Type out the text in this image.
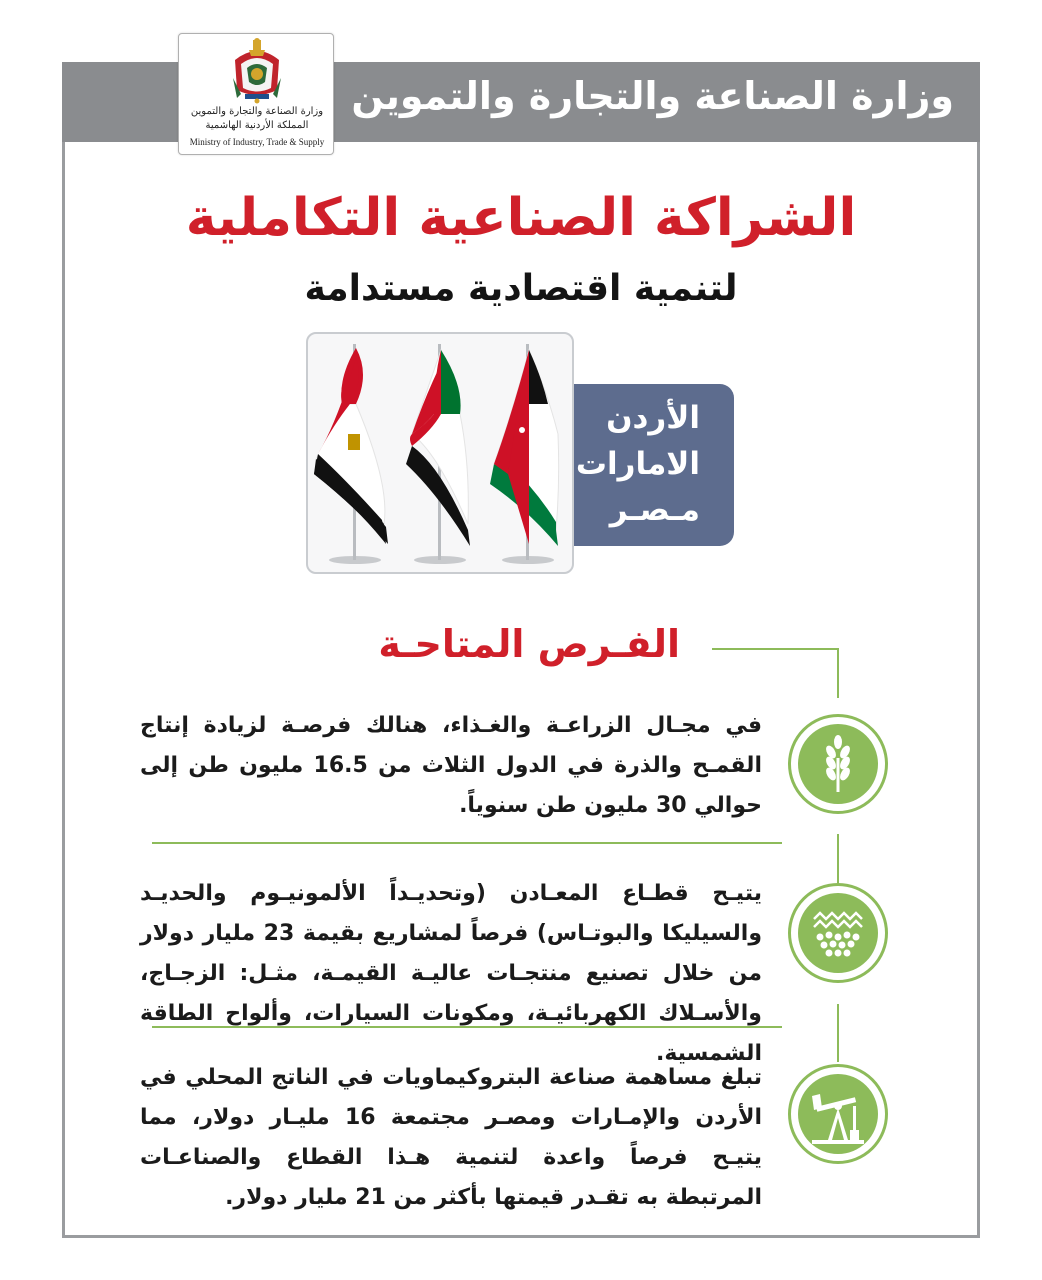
وزارة الصناعة والتجارة والتموين
وزارة الصناعة والتجارة والتموين
المملكة الأردنية الهاشمية
Ministry of Industry, Trade & Supply
الشراكة الصناعية التكاملية
لتنمية اقتصادية مستدامة
الأردن
الامارات
مـصـر
الفـرص المتاحـة
في مجـال الزراعـة والغـذاء، هنالك فرصـة لزيادة إنتاج القمـح والذرة في الدول الثلاث من 16.5 مليون طن إلى حوالي 30 مليون طن سنوياً.
يتيـح قطـاع المعـادن (وتحديـداً الألمونيـوم والحديـد والسيليكا والبوتـاس) فرصاً لمشاريع بقيمة 23 مليار دولار من خلال تصنيع منتجـات عاليـة القيمـة، مثـل: الزجـاج، والأسـلاك الكهربائيـة، ومكونات السيارات، وألواح الطاقة الشمسية.
تبلغ مساهمة صناعة البتروكيماويات في الناتج المحلي في الأردن والإمـارات ومصـر مجتمعة 16 مليـار دولار، مما يتيـح فرصاً واعدة لتنمية هـذا القطاع والصناعـات المرتبطة به تقـدر قيمتها بأكثر من 21 مليار دولار.
